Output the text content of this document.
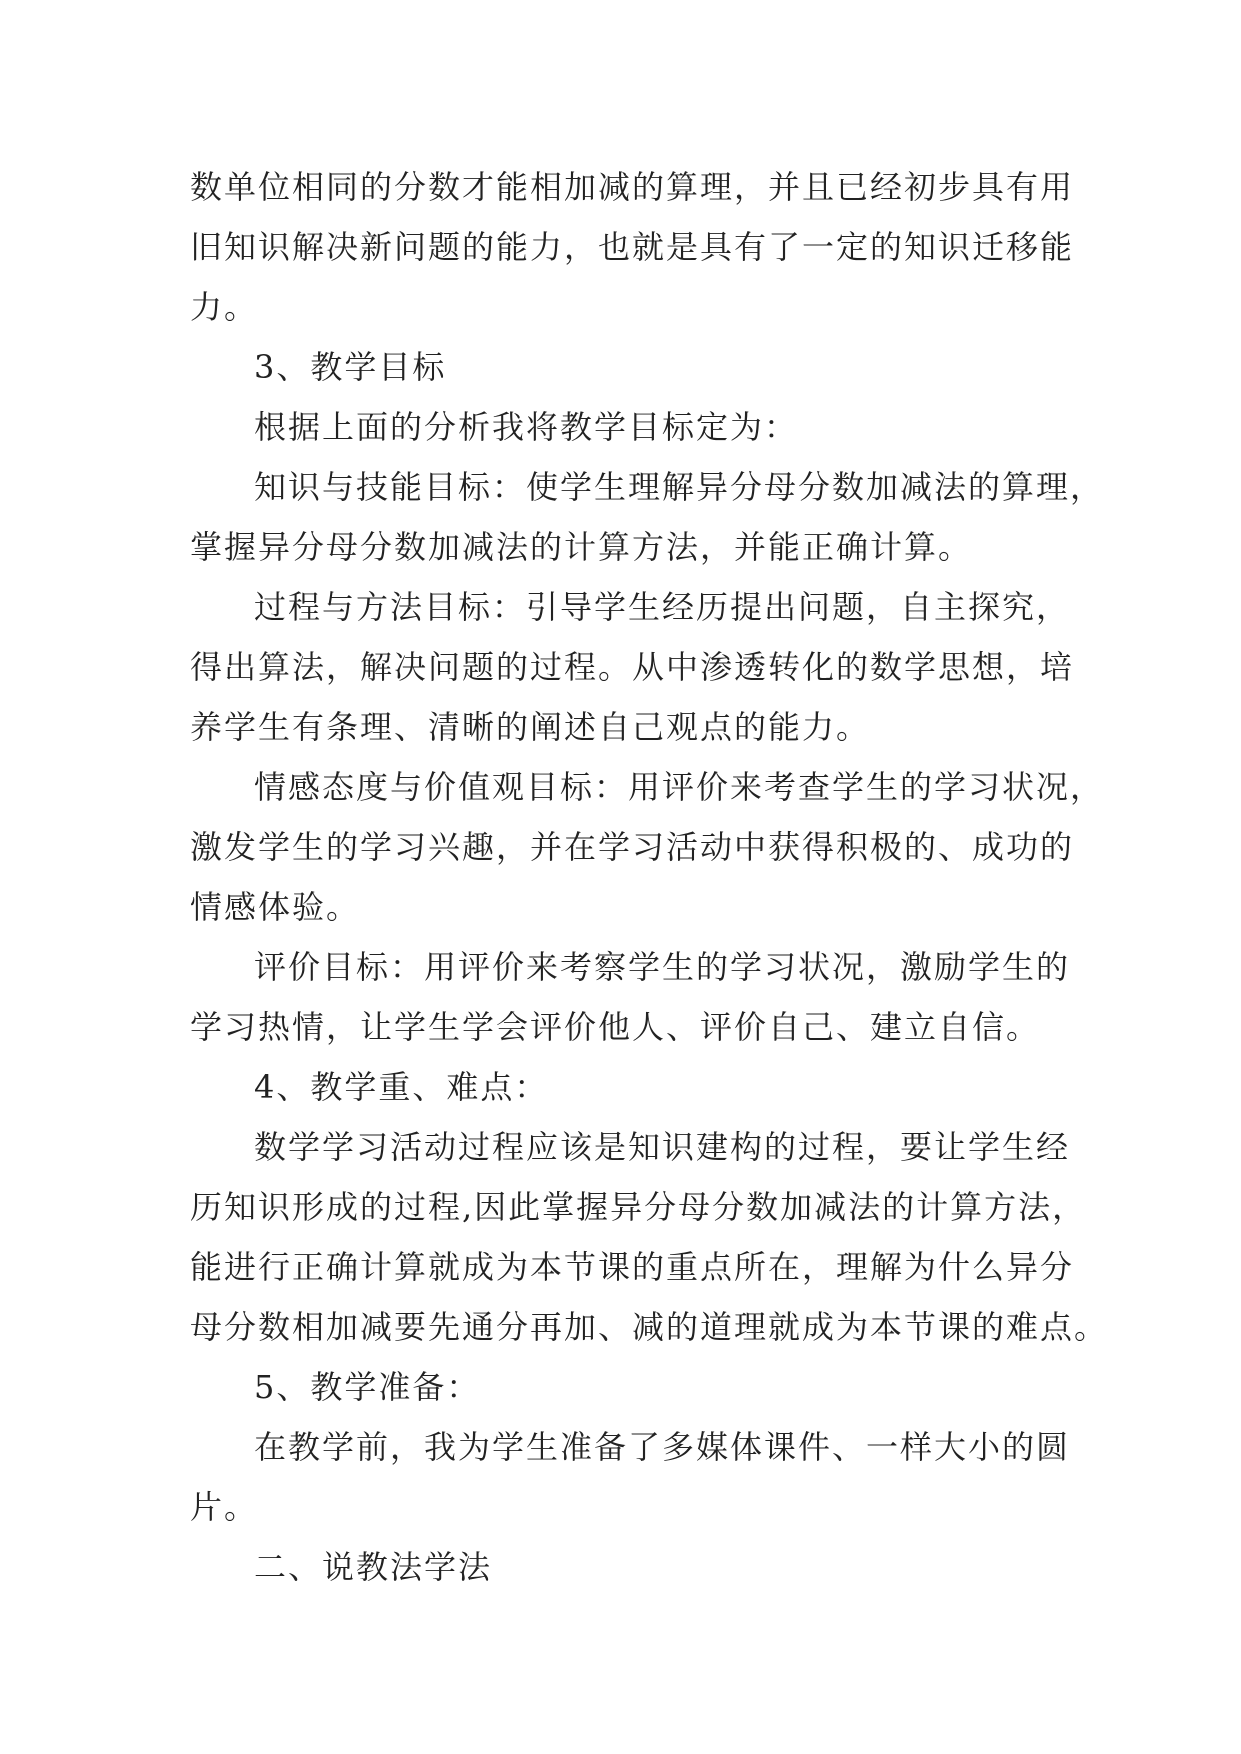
数单位相同的分数才能相加减的算理，并且已经初步具有用
旧知识解决新问题的能力，也就是具有了一定的知识迁移能
力。
3、教学目标
根据上面的分析我将教学目标定为：
知识与技能目标：使学生理解异分母分数加减法的算理，
掌握异分母分数加减法的计算方法，并能正确计算。
过程与方法目标：引导学生经历提出问题，自主探究，
得出算法，解决问题的过程。从中渗透转化的数学思想，培
养学生有条理、清晰的阐述自己观点的能力。
情感态度与价值观目标：用评价来考查学生的学习状况，
激发学生的学习兴趣，并在学习活动中获得积极的、成功的
情感体验。
评价目标：用评价来考察学生的学习状况，激励学生的
学习热情，让学生学会评价他人、评价自己、建立自信。
4、教学重、难点：
数学学习活动过程应该是知识建构的过程，要让学生经
历知识形成的过程,因此掌握异分母分数加减法的计算方法，
能进行正确计算就成为本节课的重点所在，理解为什么异分
母分数相加减要先通分再加、减的道理就成为本节课的难点。
5、教学准备：
在教学前，我为学生准备了多媒体课件、一样大小的圆
片。
二、说教法学法
